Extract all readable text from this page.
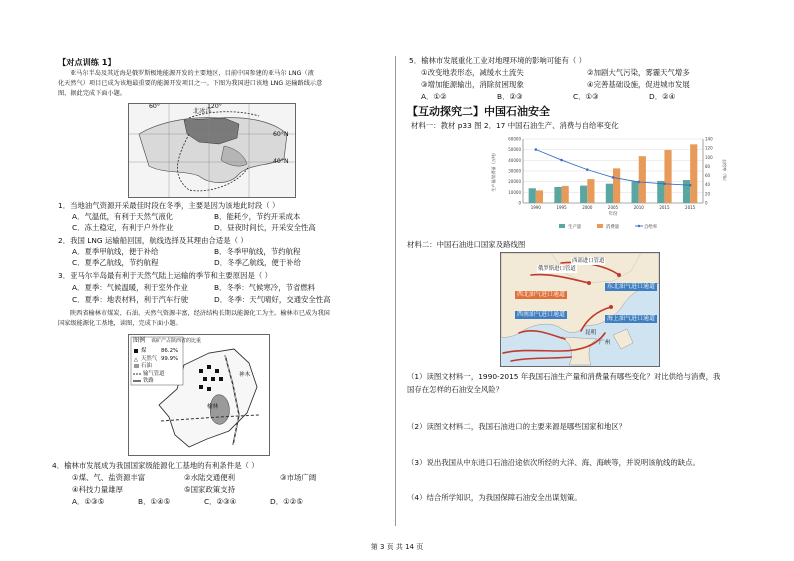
【对点训练 1】
亚马尔半岛及其近海是俄罗斯极地能源开发的主要地区，目前中国参建的亚马尔 LNG（液
化天然气）项目已成为该地最重要的能源开发项目之一。下图为我国进口该地 LNG 运输路线示意
图，据此完成下面小题。
60°	120°
60°N
40°N
北冰洋
1．当地油气资源开采最佳时段在冬季，主要是因为该地此时段（ ）
A．气温低，有利于天然气液化	B．能耗少，节约开采成本
C．冻土稳定，有利于户外作业	D．昼夜时间长，开采安全性高
2．我国 LNG 运输船回国，航线选择及其理由合适是（ ）
A．夏季甲航线，便于补给	B．冬季甲航线，节约航程
C．夏季乙航线，节约航程	D．冬季乙航线，便于补给
3．亚马尔半岛最有利于天然气陆上运输的季节和主要原因是（ ）
A．夏季：气候温暖，利于室外作业	B．冬季：气候寒冷，节省燃料
C．夏季：地表材料，利于汽车行驶	D．冬季：天气晴好，交通安全性高
陕西省榆林市煤炭、石油、天然气资源丰富，经济结构长期以能源化工为主。榆林市已成为我国
国家级能源化工基地，读图，完成下面小题。
△
图例 该矿产占陕西省的比重
煤	86.2%
天然气 99.9%
石油
输气管道
铁路
神木
榆林
4．榆林市发展成为我国国家级能源化工基地的有利条件是（ ）
①煤、气、盐资源丰富	②水陆交通便利	③市场广阔
④科技力量雄厚	⑤国家政策支持
A．①③⑤	B．①④⑤	C．②③④	D．①②⑤
5．榆林市发展重化工业对地理环境的影响可能有（ ）
①改变地表形态，减缓水土流失	②加剧大气污染，雾霾天气增多
③增加能源输出，消除贫困现象	④完善基础设施，促进城市发展
A．①②	B．②③	C．①③	D．②④
【互动探究二】中国石油安全
材料一：教材 p33 图 2．17 中国石油生产、消费与自给率变化
0
10000
20000
30000
40000
50000
60000
0
20
40
60
80
100
120
140
1990	1995	2000	2005	2010	2015	2015
年份
生产量/消费量（万吨）	自给率（%）
生产量	消费量	自给率
材料二：中国石油进口国家及路线图
俄罗斯进口管道
西部进口管道
西北油气进口通道
东北油气进口通道
西南油气进口通道
海上油气进口通道
昆明
广州
（1）读图文材料一，1990-2015 年我国石油生产量和消费量有哪些变化？对比供给与消费，我
国存在怎样的石油安全风险？
（2）读图文材料二，我国石油进口的主要来源是哪些国家和地区？
（3）说出我国从中东进口石油沿途依次所经的大洋、海、海峡等，并说明该航线的缺点。
（4）结合所学知识，为我国保障石油安全出谋划策。
第 3 页 共 14 页
